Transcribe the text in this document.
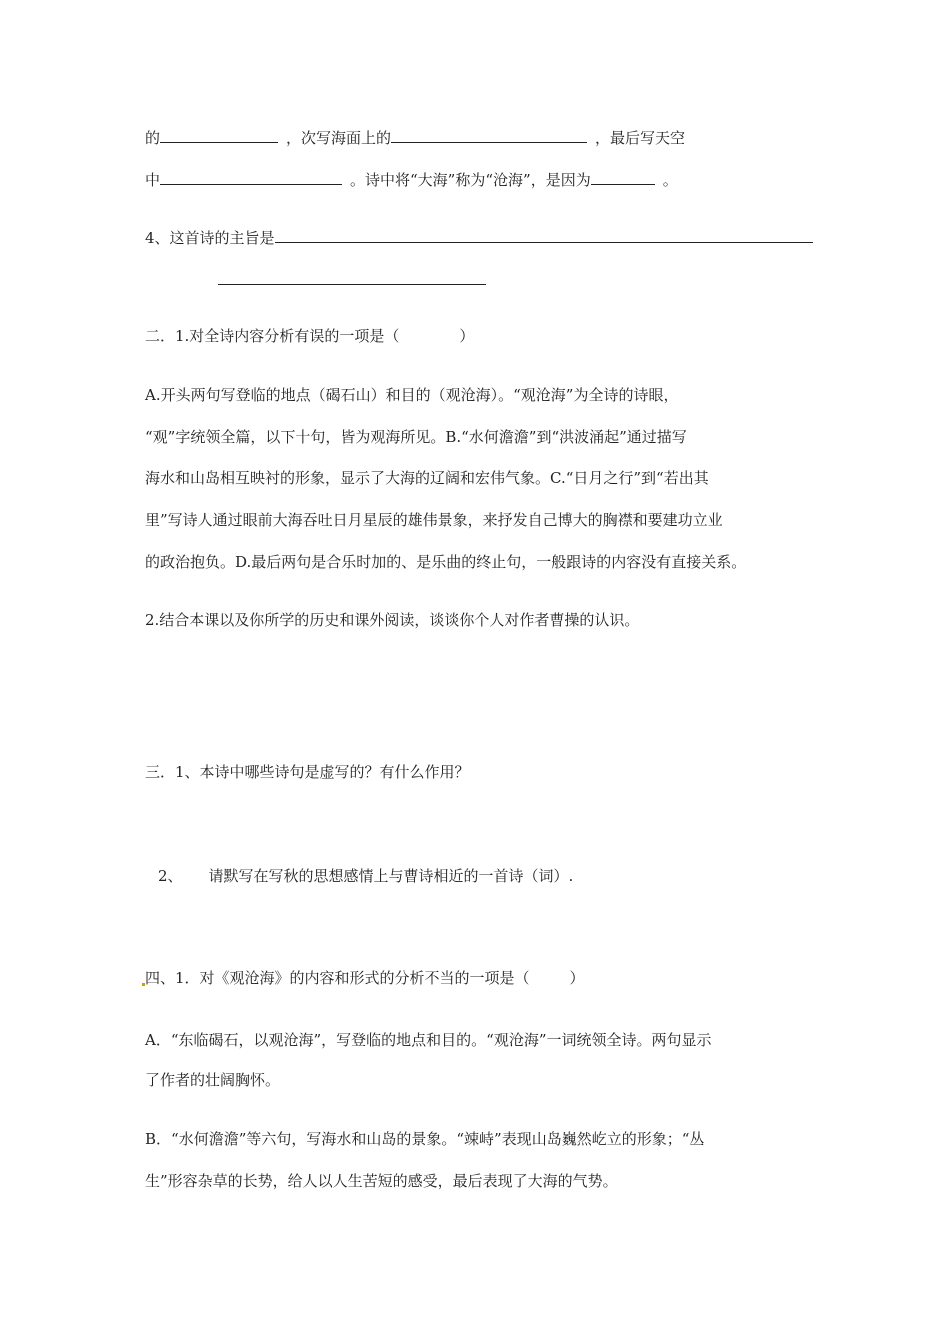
的	，次写海面上的	，最后写天空
中	。诗中将“大海”称为“沧海”，是因为	。
4、这首诗的主旨是
二．1.对全诗内容分析有误的一项是（	）
A.开头两句写登临的地点（碣石山）和目的（观沧海）。“观沧海”为全诗的诗眼，
“观”字统领全篇，以下十句，皆为观海所见。B.“水何澹澹”到“洪波涌起”通过描写
海水和山岛相互映衬的形象，显示了大海的辽阔和宏伟气象。C.“日月之行”到“若出其
里”写诗人通过眼前大海吞吐日月星辰的雄伟景象，来抒发自己博大的胸襟和要建功立业
的政治抱负。D.最后两句是合乐时加的、是乐曲的终止句，一般跟诗的内容没有直接关系。
2.结合本课以及你所学的历史和课外阅读，谈谈你个人对作者曹操的认识。
三．1、本诗中哪些诗句是虚写的？有什么作用？
2、 请默写在写秋的思想感情上与曹诗相近的一首诗（词）.
四、1．对《观沧海》的内容和形式的分析不当的一项是（	）
A．“东临碣石，以观沧海”，写登临的地点和目的。“观沧海”一词统领全诗。两句显示
了作者的壮阔胸怀。
B．“水何澹澹”等六句，写海水和山岛的景象。“竦峙”表现山岛巍然屹立的形象；“丛
生”形容杂草的长势，给人以人生苦短的感受，最后表现了大海的气势。
